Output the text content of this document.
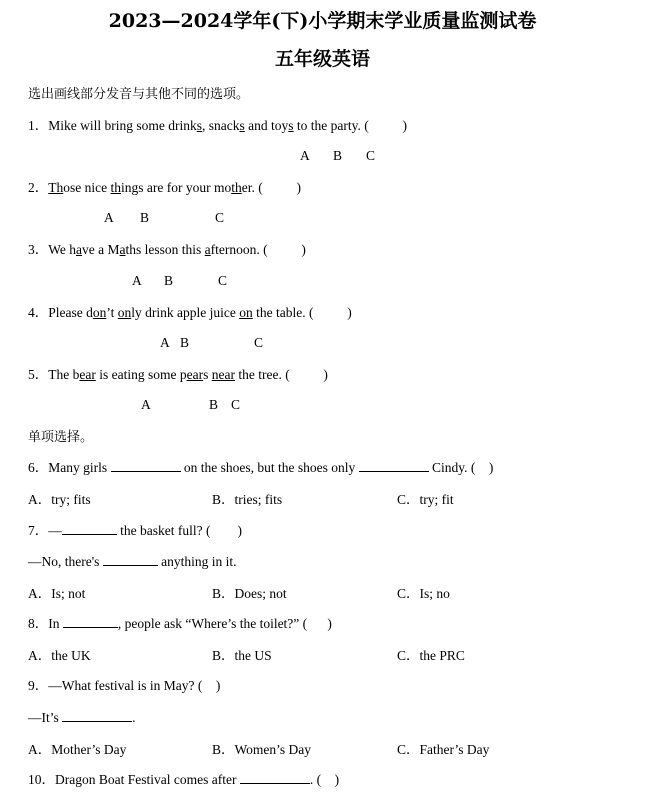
2023—2024学年(下)小学期末学业质量监测试卷
五年级英语
选出画线部分发音与其他不同的选项。
1．Mike will bring some drinks, snacks and toys to the party. (          )
A B C
2．Those nice things are for your mother. (          )
A B	C
3．We have a Maths lesson this afternoon. (          )
A B	C
4．Please don’t only drink apple juice on the table. (          )
A B	C
5．The bear is eating some pears near the tree. (          )
A	B C
单项选择。
6．Many girls	on the shoes, but the shoes only	Cindy. (    )
A．try; fits	B．tries; fits	C．try; fit
7．—	the basket full? (        )
—No, there's	anything in it.
A．Is; not	B．Does; not	C．Is; no
8．In	, people ask “Where’s the toilet?” (      )
A．the UK	B．the US	C．the PRC
9．—What festival is in May? (    )
—It’s	.
A．Mother’s Day	B．Women’s Day	C．Father’s Day
10．Dragon Boat Festival comes after	. (    )
